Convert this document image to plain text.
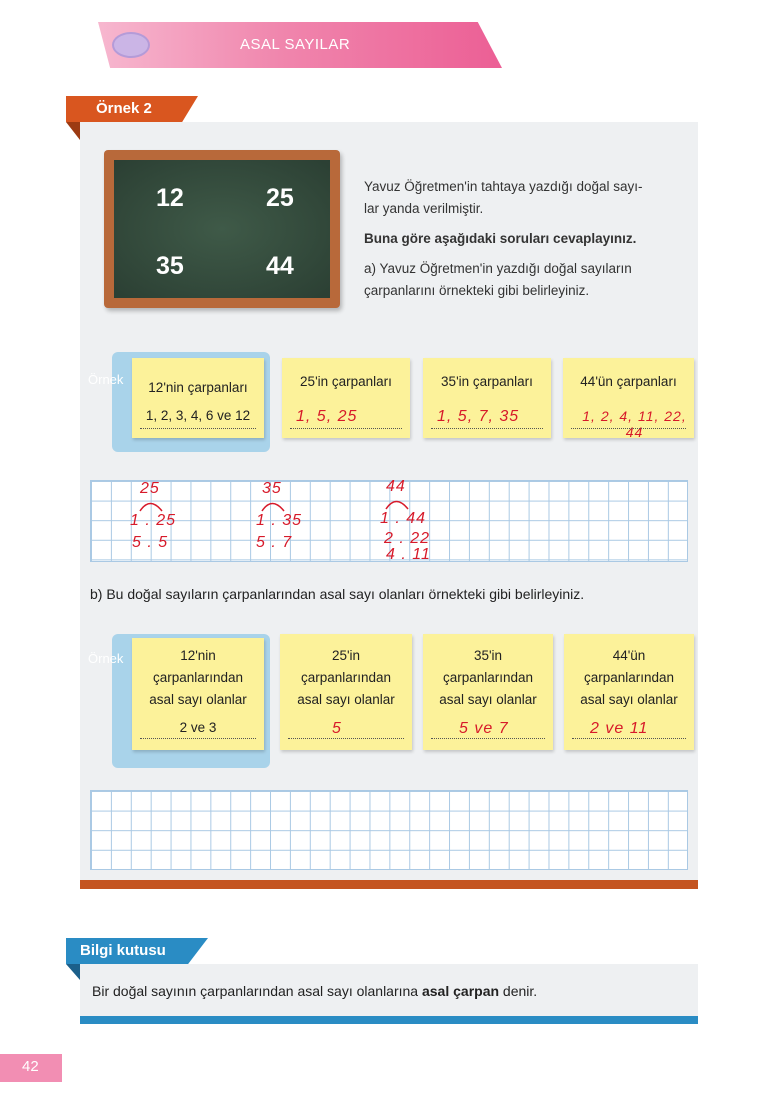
ASAL SAYILAR
Örnek 2
12	25
35	44
Yavuz Öğretmen'in tahtaya yazdığı doğal sayı-
lar yanda verilmiştir.
Buna göre aşağıdaki soruları cevaplayınız.
a) Yavuz Öğretmen'in yazdığı doğal sayıların
çarpanlarını örnekteki gibi belirleyiniz.
Örnek
12'nin çarpanları
1, 2, 3, 4, 6 ve 12
25'in çarpanları
1, 5, 25
35'in çarpanları
1, 5, 7, 35
44'ün çarpanları
1, 2, 4, 11, 22, 44
25
1 . 25
5 . 5
35
1 . 35
5 . 7
44
1 . 44
2 . 22
4 . 11
b) Bu doğal sayıların çarpanlarından asal sayı olanları örnekteki gibi belirleyiniz.
Örnek	12'nin
çarpanlarından
asal sayı olanlar
2 ve 3
25'in
çarpanlarından
asal sayı olanlar
5
35'in
çarpanlarından
asal sayı olanlar
5 ve 7
44'ün
çarpanlarından
asal sayı olanlar
2 ve 11
Bilgi kutusu
Bir doğal sayının çarpanlarından asal sayı olanlarına asal çarpan denir.
42
